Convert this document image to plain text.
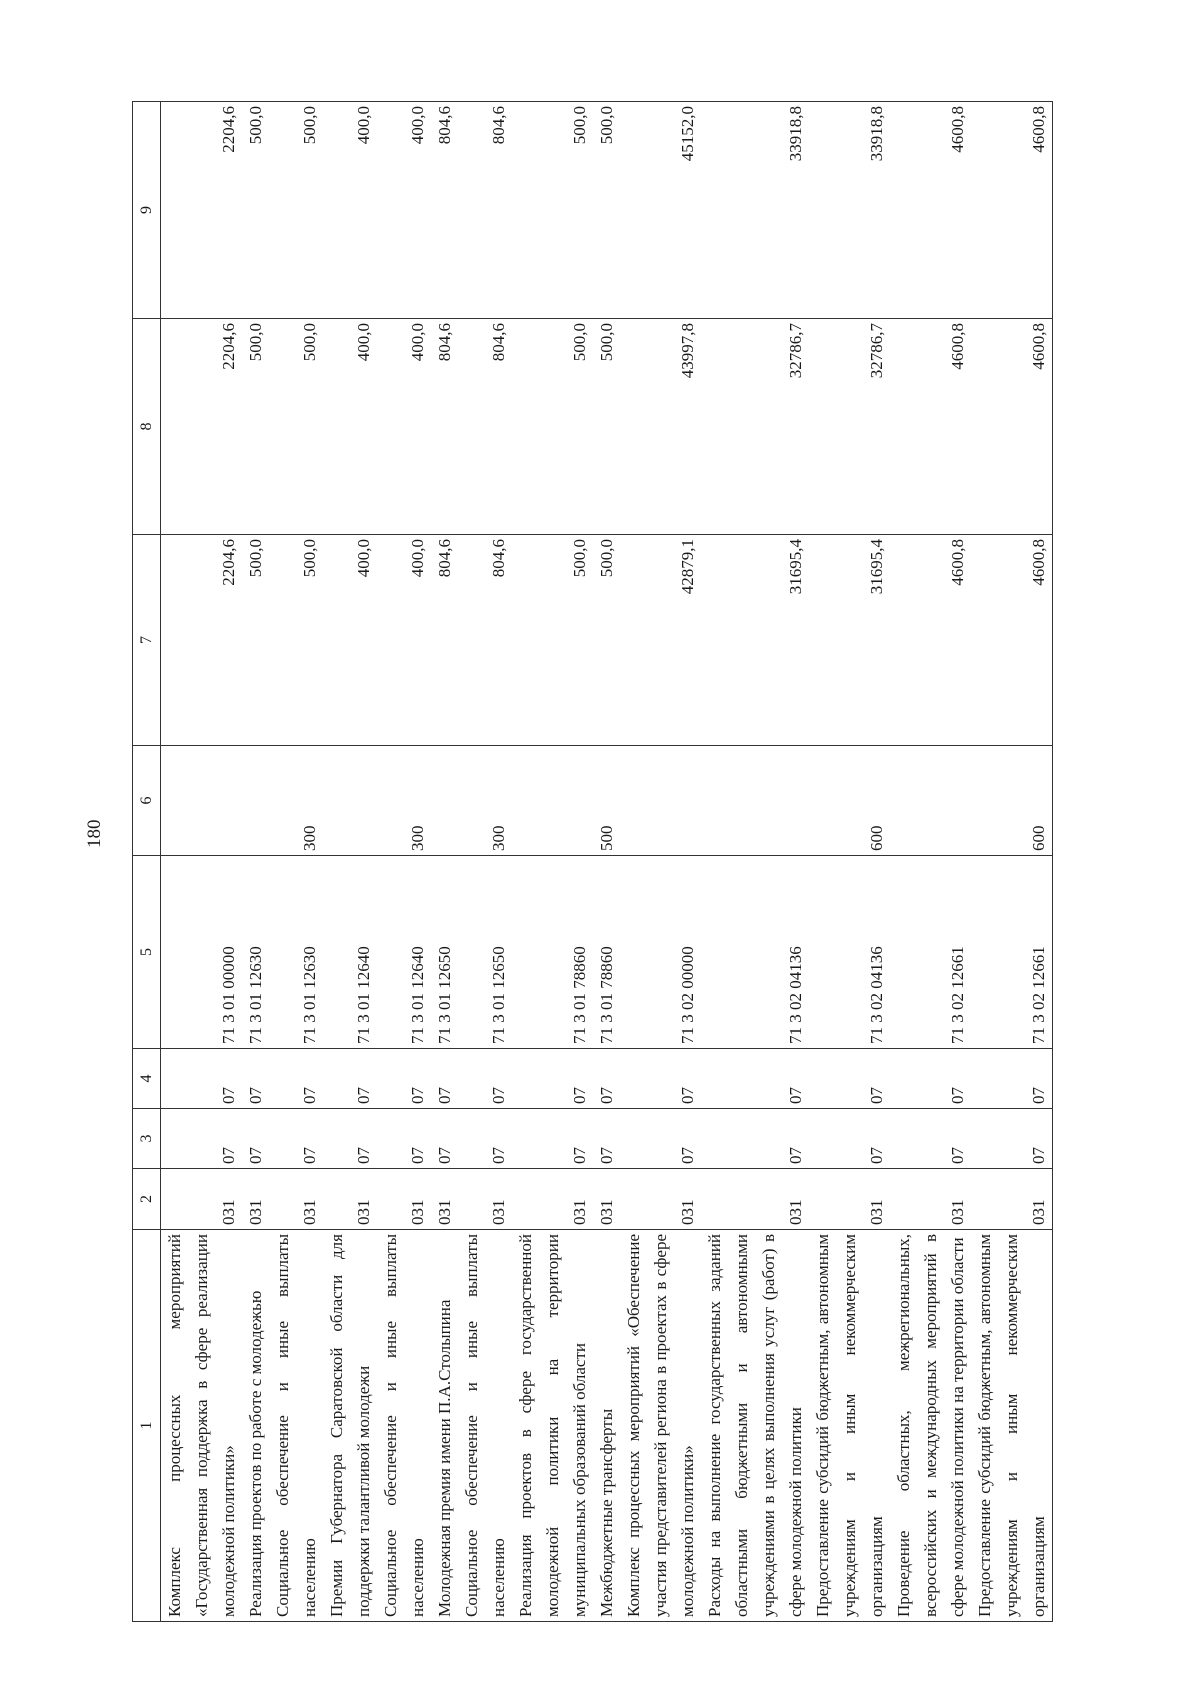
180
1	2	3	4	5	6	7	8	9
Комплекс процессных мероприятий «Государственная поддержка в сфере реализации молодежной политики»	031	07	07	71 3 01 00000		2204,6	2204,6	2204,6
Реализация проектов по работе с молодежью	031	07	07	71 3 01 12630		500,0	500,0	500,0
Социальное обеспечение и иные выплаты населению	031	07	07	71 3 01 12630	300	500,0	500,0	500,0
Премии Губернатора Саратовской области для поддержки талантливой молодежи	031	07	07	71 3 01 12640		400,0	400,0	400,0
Социальное обеспечение и иные выплаты населению	031	07	07	71 3 01 12640	300	400,0	400,0	400,0
Молодежная премия имени П.А.Столыпина	031	07	07	71 3 01 12650		804,6	804,6	804,6
Социальное обеспечение и иные выплаты населению	031	07	07	71 3 01 12650	300	804,6	804,6	804,6
Реализация проектов в сфере государственной молодежной политики на территории муниципальных образований области	031	07	07	71 3 01 78860		500,0	500,0	500,0
Межбюджетные трансферты	031	07	07	71 3 01 78860	500	500,0	500,0	500,0
Комплекс процессных мероприятий «Обеспечение участия представителей региона в проектах в сфере молодежной политики»	031	07	07	71 3 02 00000		42879,1	43997,8	45152,0
Расходы на выполнение государственных заданий областными бюджетными и автономными учреждениями в целях выполнения услуг (работ) в сфере молодежной политики	031	07	07	71 3 02 04136		31695,4	32786,7	33918,8
Предоставление субсидий бюджетным, автономным учреждениям и иным некоммерческим организациям	031	07	07	71 3 02 04136	600	31695,4	32786,7	33918,8
Проведение областных, межрегиональных, всероссийских и международных мероприятий в сфере молодежной политики на территории области	031	07	07	71 3 02 12661		4600,8	4600,8	4600,8
Предоставление субсидий бюджетным, автономным учреждениям и иным некоммерческим организациям	031	07	07	71 3 02 12661	600	4600,8	4600,8	4600,8
